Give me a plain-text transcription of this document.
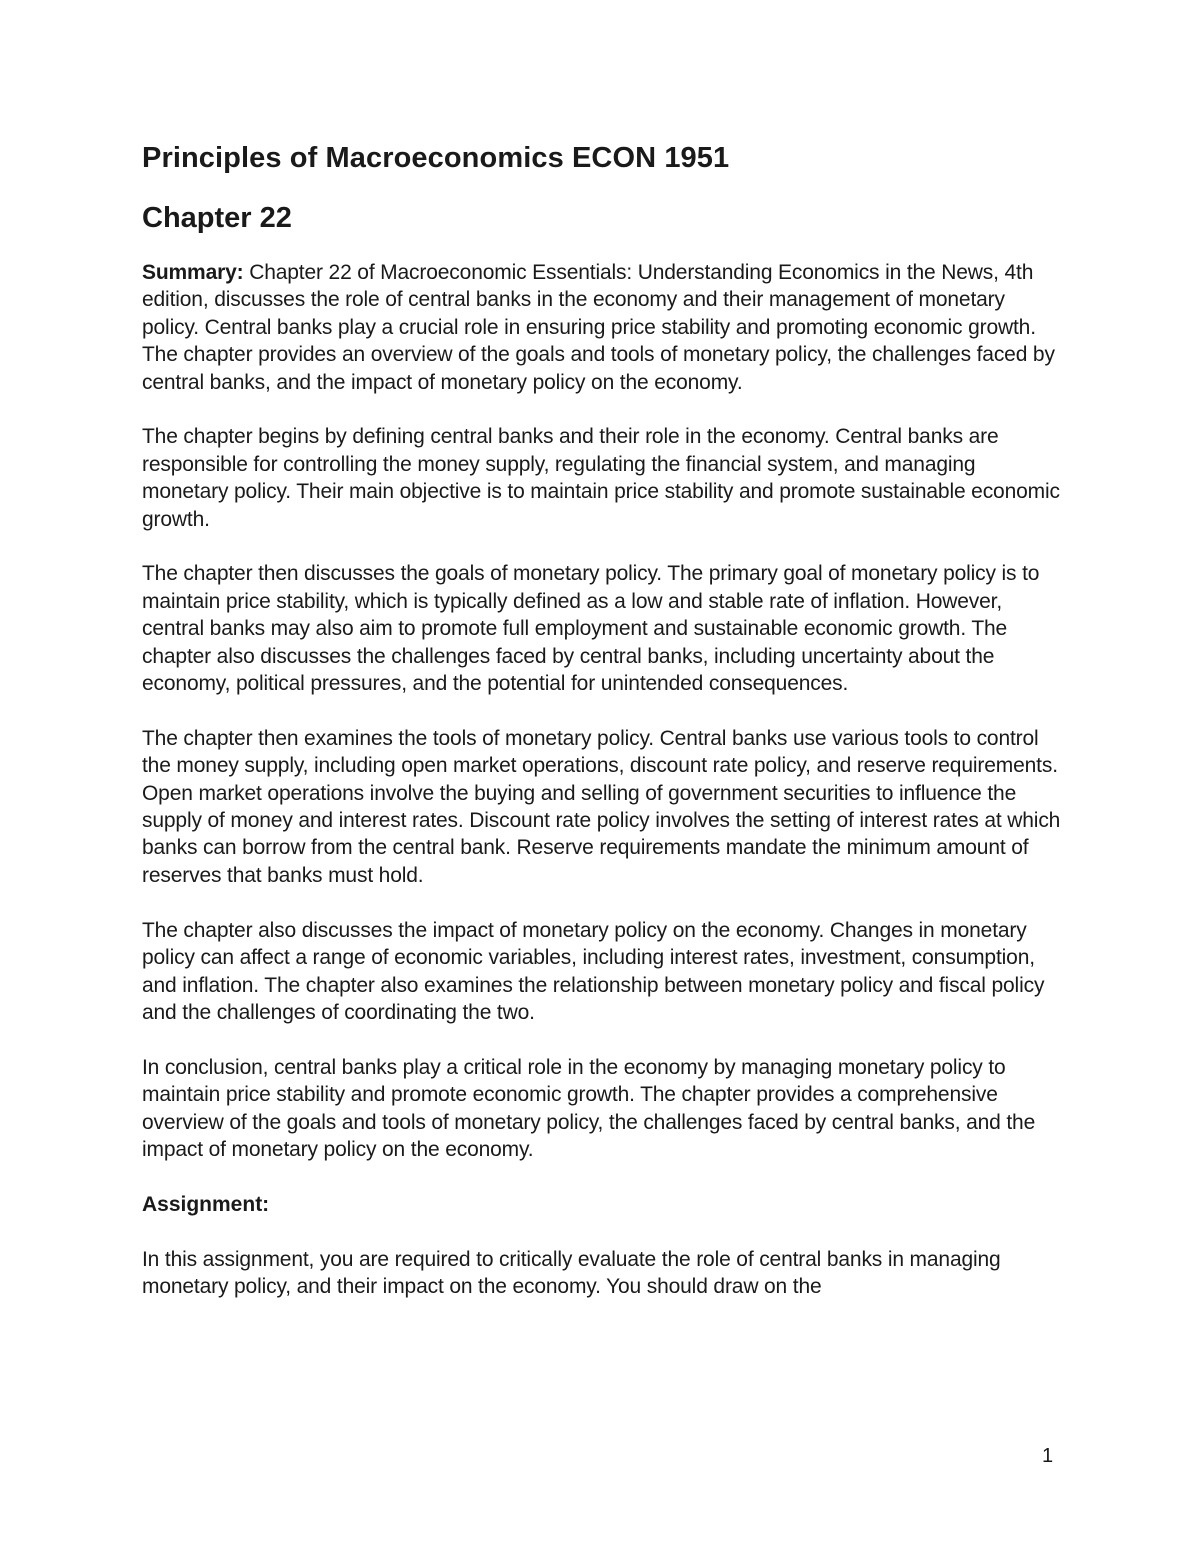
Principles of Macroeconomics ECON 1951
Chapter 22

Summary: Chapter 22 of Macroeconomic Essentials: Understanding Economics in the News, 4th edition, discusses the role of central banks in the economy and their management of monetary policy. Central banks play a crucial role in ensuring price stability and promoting economic growth. The chapter provides an overview of the goals and tools of monetary policy, the challenges faced by central banks, and the impact of monetary policy on the economy.

The chapter begins by defining central banks and their role in the economy. Central banks are responsible for controlling the money supply, regulating the financial system, and managing monetary policy. Their main objective is to maintain price stability and promote sustainable economic growth.

The chapter then discusses the goals of monetary policy. The primary goal of monetary policy is to maintain price stability, which is typically defined as a low and stable rate of inflation. However, central banks may also aim to promote full employment and sustainable economic growth. The chapter also discusses the challenges faced by central banks, including uncertainty about the economy, political pressures, and the potential for unintended consequences.

The chapter then examines the tools of monetary policy. Central banks use various tools to control the money supply, including open market operations, discount rate policy, and reserve requirements. Open market operations involve the buying and selling of government securities to influence the supply of money and interest rates. Discount rate policy involves the setting of interest rates at which banks can borrow from the central bank. Reserve requirements mandate the minimum amount of reserves that banks must hold.

The chapter also discusses the impact of monetary policy on the economy. Changes in monetary policy can affect a range of economic variables, including interest rates, investment, consumption, and inflation. The chapter also examines the relationship between monetary policy and fiscal policy and the challenges of coordinating the two.

In conclusion, central banks play a critical role in the economy by managing monetary policy to maintain price stability and promote economic growth. The chapter provides a comprehensive overview of the goals and tools of monetary policy, the challenges faced by central banks, and the impact of monetary policy on the economy.

Assignment:

In this assignment, you are required to critically evaluate the role of central banks in managing monetary policy, and their impact on the economy. You should draw on the

1
